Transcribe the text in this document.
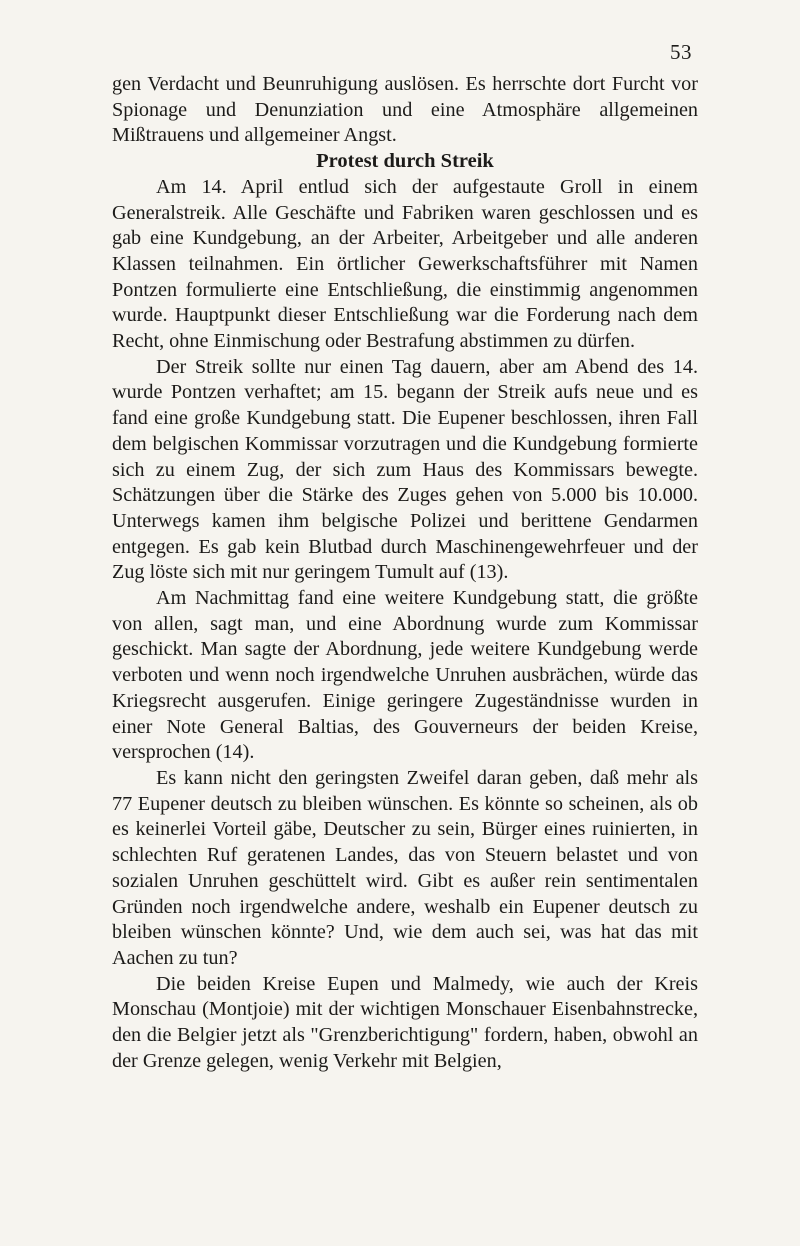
53

gen Verdacht und Beunruhigung auslösen. Es herrschte dort Furcht vor Spionage und Denunziation und eine Atmosphäre allgemeinen Mißtrauens und allgemeiner Angst.

Protest durch Streik

Am 14. April entlud sich der aufgestaute Groll in einem Generalstreik. Alle Geschäfte und Fabriken waren geschlossen und es gab eine Kundgebung, an der Arbeiter, Arbeitgeber und alle anderen Klassen teilnahmen. Ein örtlicher Gewerkschaftsführer mit Namen Pontzen formulierte eine Entschließung, die einstimmig angenommen wurde. Hauptpunkt dieser Entschließung war die Forderung nach dem Recht, ohne Einmischung oder Bestrafung abstimmen zu dürfen.

Der Streik sollte nur einen Tag dauern, aber am Abend des 14. wurde Pontzen verhaftet; am 15. begann der Streik aufs neue und es fand eine große Kundgebung statt. Die Eupener beschlossen, ihren Fall dem belgischen Kommissar vorzutragen und die Kundgebung formierte sich zu einem Zug, der sich zum Haus des Kommissars bewegte. Schätzungen über die Stärke des Zuges gehen von 5.000 bis 10.000. Unterwegs kamen ihm belgische Polizei und berittene Gendarmen entgegen. Es gab kein Blutbad durch Maschinengewehrfeuer und der Zug löste sich mit nur geringem Tumult auf (13).

Am Nachmittag fand eine weitere Kundgebung statt, die größte von allen, sagt man, und eine Abordnung wurde zum Kommissar geschickt. Man sagte der Abordnung, jede weitere Kundgebung werde verboten und wenn noch irgendwelche Unruhen ausbrächen, würde das Kriegsrecht ausgerufen. Einige geringere Zugeständnisse wurden in einer Note General Baltias, des Gouverneurs der beiden Kreise, versprochen (14).

Es kann nicht den geringsten Zweifel daran geben, daß mehr als 77 Eupener deutsch zu bleiben wünschen. Es könnte so scheinen, als ob es keinerlei Vorteil gäbe, Deutscher zu sein, Bürger eines ruinierten, in schlechten Ruf geratenen Landes, das von Steuern belastet und von sozialen Unruhen geschüttelt wird. Gibt es außer rein sentimentalen Gründen noch irgendwelche andere, weshalb ein Eupener deutsch zu bleiben wünschen könnte? Und, wie dem auch sei, was hat das mit Aachen zu tun?

Die beiden Kreise Eupen und Malmedy, wie auch der Kreis Monschau (Montjoie) mit der wichtigen Monschauer Eisenbahnstrecke, den die Belgier jetzt als "Grenzberichtigung" fordern, haben, obwohl an der Grenze gelegen, wenig Verkehr mit Belgien,
